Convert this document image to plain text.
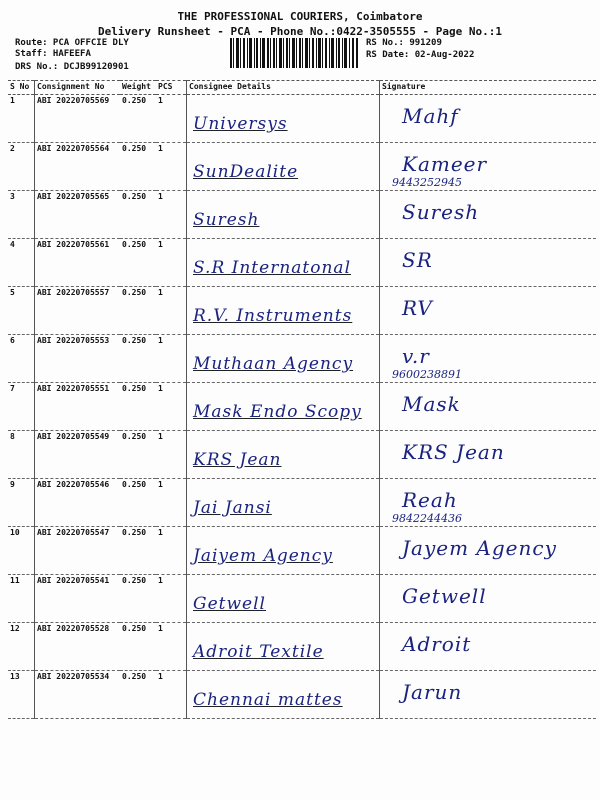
THE PROFESSIONAL COURIERS, Coimbatore
Delivery Runsheet - PCA - Phone No.:0422-3505555 - Page No.:1
Route: PCA OFFCIE DLY
Staff: HAFEEFA
DRS No.: DCJB99120901
RS No.: 991209
RS Date: 02-Aug-2022
S No	Consignment No	Weight	PCS	Consignee Details	Signature
1	ABI 20220705569	0.250	1	Universys	Mahf

2	ABI 20220705564	0.250	1	SunDealite	Kameer
9443252945
3	ABI 20220705565	0.250	1	Suresh	Suresh

4	ABI 20220705561	0.250	1	S.R Internatonal	SR

5	ABI 20220705557	0.250	1	R.V. Instruments	RV

6	ABI 20220705553	0.250	1	Muthaan Agency	v.r
9600238891
7	ABI 20220705551	0.250	1	Mask Endo Scopy	Mask

8	ABI 20220705549	0.250	1	KRS Jean	KRS Jean

9	ABI 20220705546	0.250	1	Jai Jansi	Reah
9842244436
10	ABI 20220705547	0.250	1	Jaiyem Agency	Jayem Agency

11	ABI 20220705541	0.250	1	Getwell	Getwell

12	ABI 20220705528	0.250	1	Adroit Textile	Adroit

13	ABI 20220705534	0.250	1	Chennai mattes	Jarun
